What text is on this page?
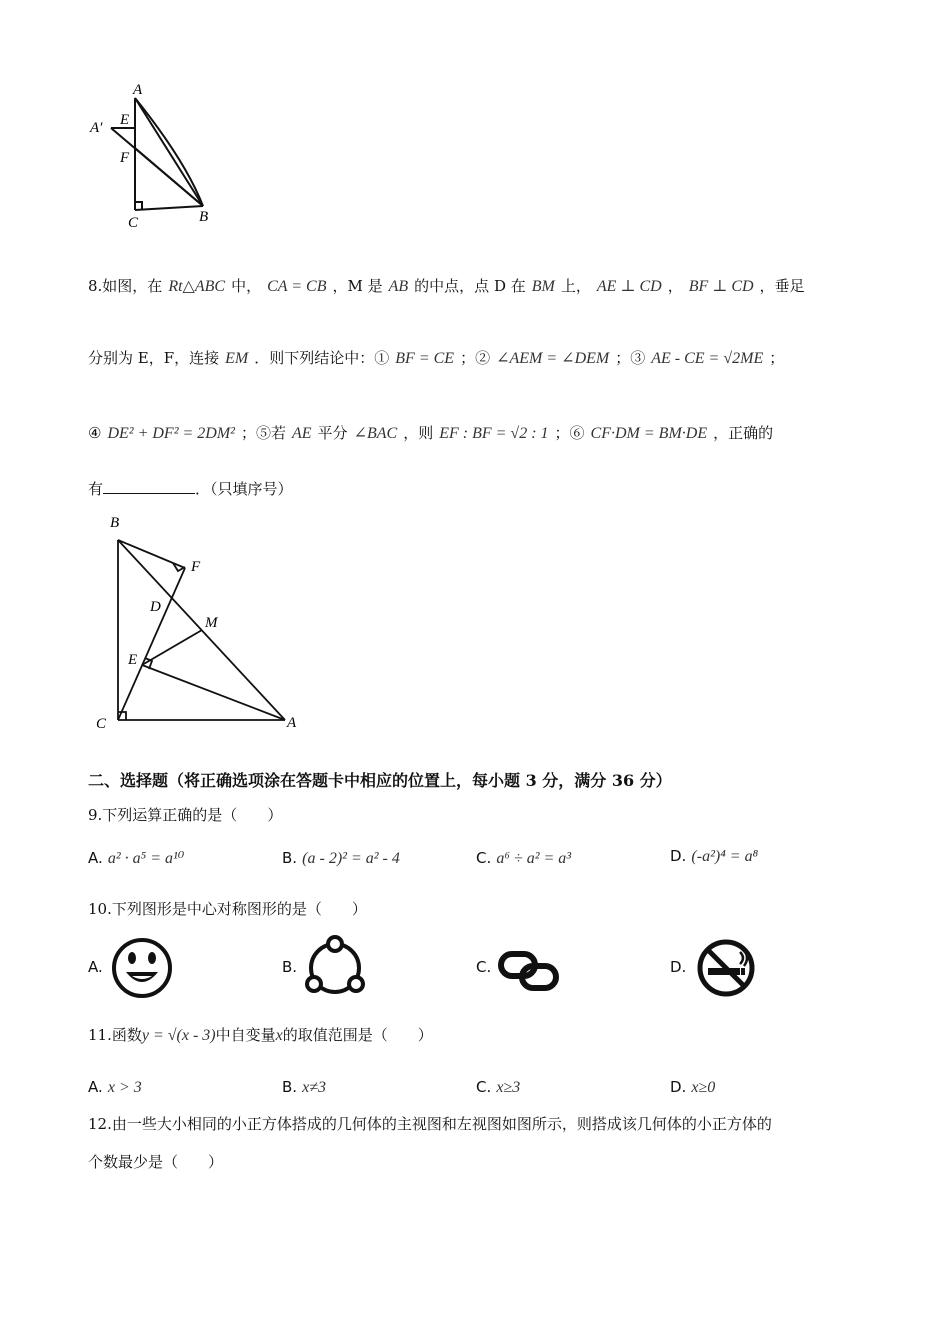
A
A′ E
F
C	B
8.如图，在 Rt△ABC 中， CA = CB ，M 是 AB 的中点，点 D 在 BM 上， AE ⊥ CD ， BF ⊥ CD ，垂足
分别为 E，F，连接 EM ．则下列结论中：① BF = CE ；② ∠AEM = ∠DEM ；③ AE - CE = √2ME ；
④ DE² + DF² = 2DM² ；⑤若 AE 平分 ∠BAC ，则 EF : BF = √2 : 1 ；⑥ CF·DM = BM·DE ，正确的
有	．（只填序号）
B
F
D
M
E
C	A
二、选择题（将正确选项涂在答题卡中相应的位置上，每小题 3 分，满分 36 分）
9.下列运算正确的是（　　）
A. a² · a⁵ = a¹⁰	B. (a - 2)² = a² - 4	C. a⁶ ÷ a² = a³	D. (-a²)⁴ = a⁸
10.下列图形是中心对称图形的是（　　）
A.	B.	C.	D.
11.函数y = √(x - 3)中自变量x的取值范围是（　　）
A. x > 3	B. x≠3	C. x≥3	D. x≥0
12.由一些大小相同的小正方体搭成的几何体的主视图和左视图如图所示，则搭成该几何体的小正方体的
个数最少是（　　）
